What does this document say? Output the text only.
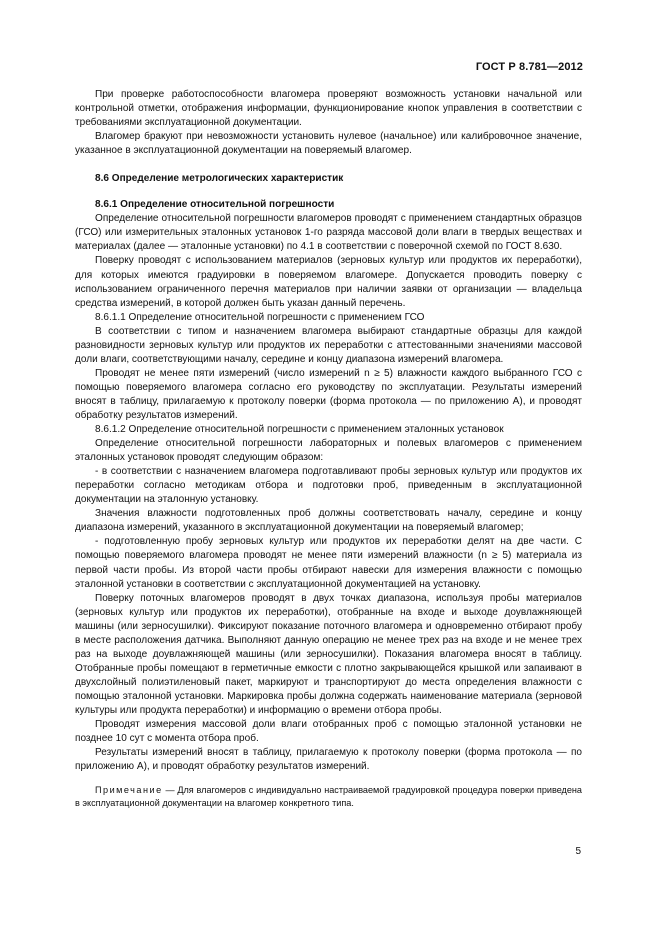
ГОСТ Р 8.781—2012

При проверке работоспособности влагомера проверяют возможность установки начальной или контрольной отметки, отображения информации, функционирование кнопок управления в соответствии с требованиями эксплуатационной документации.

Влагомер бракуют при невозможности установить нулевое (начальное) или калибровочное значение, указанное в эксплуатационной документации на поверяемый влагомер.

8.6 Определение метрологических характеристик

8.6.1 Определение относительной погрешности

Определение относительной погрешности влагомеров проводят с применением стандартных образцов (ГСО) или измерительных эталонных установок 1-го разряда массовой доли влаги в твердых веществах и материалах (далее — эталонные установки) по 4.1 в соответствии с поверочной схемой по ГОСТ 8.630.

Поверку проводят с использованием материалов (зерновых культур или продуктов их переработки), для которых имеются градуировки в поверяемом влагомере. Допускается проводить поверку с использованием ограниченного перечня материалов при наличии заявки от организации — владельца средства измерений, в которой должен быть указан данный перечень.

8.6.1.1 Определение относительной погрешности с применением ГСО

В соответствии с типом и назначением влагомера выбирают стандартные образцы для каждой разновидности зерновых культур или продуктов их переработки с аттестованными значениями массовой доли влаги, соответствующими началу, середине и концу диапазона измерений влагомера.

Проводят не менее пяти измерений (число измерений n ≥ 5) влажности каждого выбранного ГСО с помощью поверяемого влагомера согласно его руководству по эксплуатации. Результаты измерений вносят в таблицу, прилагаемую к протоколу поверки (форма протокола — по приложению А), и проводят обработку результатов измерений.

8.6.1.2 Определение относительной погрешности с применением эталонных установок

Определение относительной погрешности лабораторных и полевых влагомеров с применением эталонных установок проводят следующим образом:

- в соответствии с назначением влагомера подготавливают пробы зерновых культур или продуктов их переработки согласно методикам отбора и подготовки проб, приведенным в эксплуатационной документации на эталонную установку.

Значения влажности подготовленных проб должны соответствовать началу, середине и концу диапазона измерений, указанного в эксплуатационной документации на поверяемый влагомер;

- подготовленную пробу зерновых культур или продуктов их переработки делят на две части. С помощью поверяемого влагомера проводят не менее пяти измерений влажности (n ≥ 5) материала из первой части пробы. Из второй части пробы отбирают навески для измерения влажности с помощью эталонной установки в соответствии с эксплуатационной документацией на установку.

Поверку поточных влагомеров проводят в двух точках диапазона, используя пробы материалов (зерновых культур или продуктов их переработки), отобранные на входе и выходе доувлажняющей машины (или зерносушилки). Фиксируют показание поточного влагомера и одновременно отбирают пробу в месте расположения датчика. Выполняют данную операцию не менее трех раз на входе и не менее трех раз на выходе доувлажняющей машины (или зерносушилки). Показания влагомера вносят в таблицу. Отобранные пробы помещают в герметичные емкости с плотно закрывающейся крышкой или запаивают в двухслойный полиэтиленовый пакет, маркируют и транспортируют до места определения влажности с помощью эталонной установки. Маркировка пробы должна содержать наименование материала (зерновой культуры или продукта переработки) и информацию о времени отбора пробы.

Проводят измерения массовой доли влаги отобранных проб с помощью эталонной установки не позднее 10 сут с момента отбора проб.

Результаты измерений вносят в таблицу, прилагаемую к протоколу поверки (форма протокола — по приложению А), и проводят обработку результатов измерений.

Примечание — Для влагомеров с индивидуально настраиваемой градуировкой процедура поверки приведена в эксплуатационной документации на влагомер конкретного типа.

5
